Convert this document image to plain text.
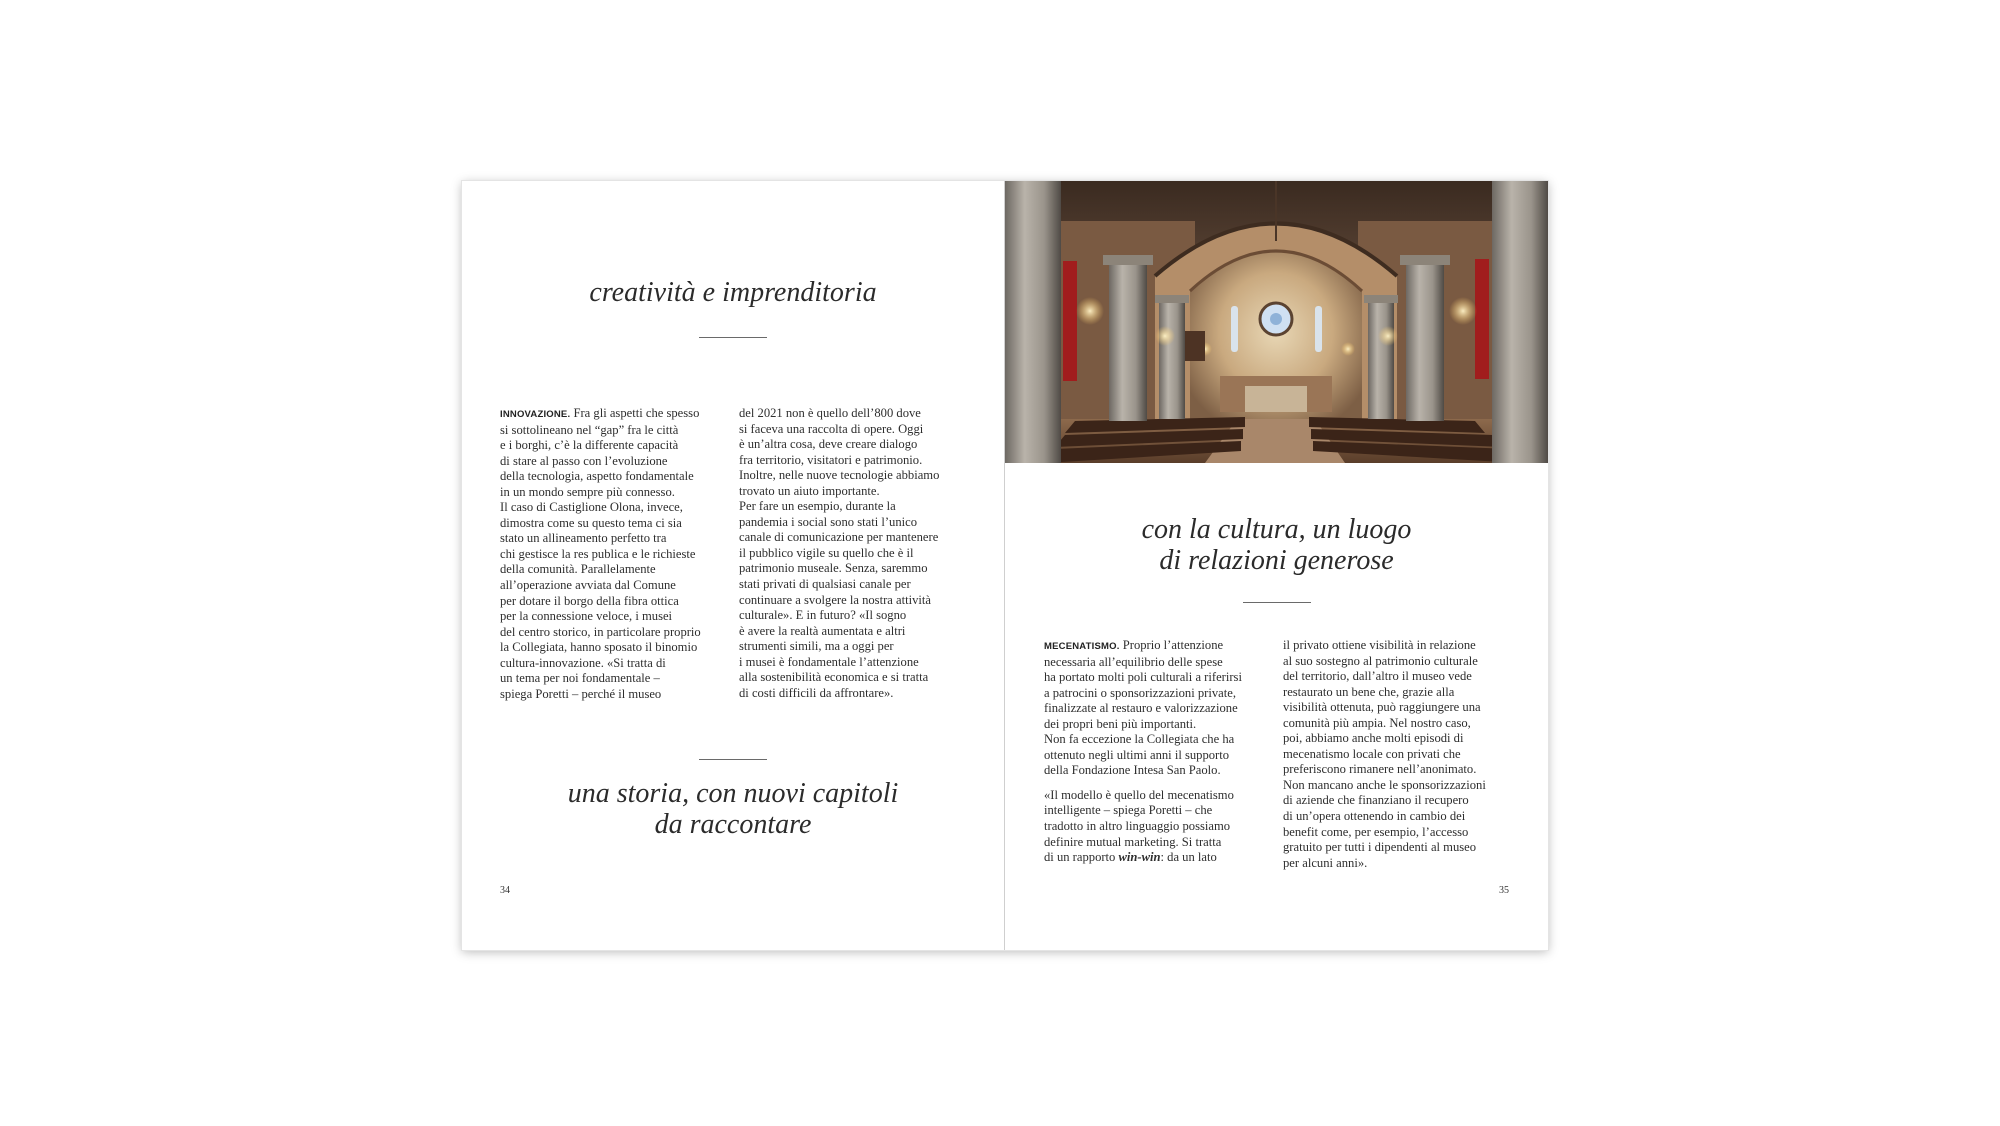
creatività e imprenditoria

INNOVAZIONE. Fra gli aspetti che spesso
si sottolineano nel “gap” fra le città
e i borghi, c’è la differente capacità
di stare al passo con l’evoluzione
della tecnologia, aspetto fondamentale
in un mondo sempre più connesso.
Il caso di Castiglione Olona, invece,
dimostra come su questo tema ci sia
stato un allineamento perfetto tra
chi gestisce la res publica e le richieste
della comunità. Parallelamente
all’operazione avviata dal Comune
per dotare il borgo della fibra ottica
per la connessione veloce, i musei
del centro storico, in particolare proprio
la Collegiata, hanno sposato il binomio
cultura-innovazione. «Si tratta di
un tema per noi fondamentale –
spiega Poretti – perché il museo

del 2021 non è quello dell’800 dove
si faceva una raccolta di opere. Oggi
è un’altra cosa, deve creare dialogo
fra territorio, visitatori e patrimonio.
Inoltre, nelle nuove tecnologie abbiamo
trovato un aiuto importante.
Per fare un esempio, durante la
pandemia i social sono stati l’unico
canale di comunicazione per mantenere
il pubblico vigile su quello che è il
patrimonio museale. Senza, saremmo
stati privati di qualsiasi canale per
continuare a svolgere la nostra attività
culturale». E in futuro? «Il sogno
è avere la realtà aumentata e altri
strumenti simili, ma a oggi per
i musei è fondamentale l’attenzione
alla sostenibilità economica e si tratta
di costi difficili da affrontare».

una storia, con nuovi capitoli
da raccontare

34

con la cultura, un luogo
di relazioni generose

MECENATISMO. Proprio l’attenzione
necessaria all’equilibrio delle spese
ha portato molti poli culturali a riferirsi
a patrocini o sponsorizzazioni private,
finalizzate al restauro e valorizzazione
dei propri beni più importanti.
Non fa eccezione la Collegiata che ha
ottenuto negli ultimi anni il supporto
della Fondazione Intesa San Paolo.

«Il modello è quello del mecenatismo
intelligente – spiega Poretti – che
tradotto in altro linguaggio possiamo
definire mutual marketing. Si tratta
di un rapporto win-win: da un lato

il privato ottiene visibilità in relazione
al suo sostegno al patrimonio culturale
del territorio, dall’altro il museo vede
restaurato un bene che, grazie alla
visibilità ottenuta, può raggiungere una
comunità più ampia. Nel nostro caso,
poi, abbiamo anche molti episodi di
mecenatismo locale con privati che
preferiscono rimanere nell’anonimato.
Non mancano anche le sponsorizzazioni
di aziende che finanziano il recupero
di un’opera ottenendo in cambio dei
benefit come, per esempio, l’accesso
gratuito per tutti i dipendenti al museo
per alcuni anni».

35
